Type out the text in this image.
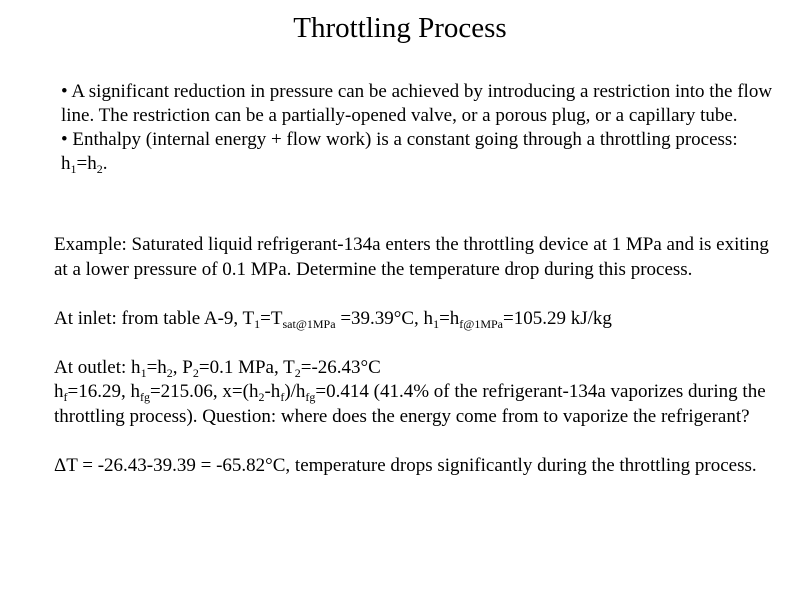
Throttling Process

• A significant reduction in pressure can be achieved by introducing a restriction into the flow line. The restriction can be a partially-opened valve, or a porous plug, or a capillary tube.

• Enthalpy (internal energy + flow work) is a constant going through a throttling process: $h_1=h_2$.

Example: Saturated liquid refrigerant-134a enters the throttling device at 1 MPa and is exiting at a lower pressure of 0.1 MPa. Determine the temperature drop during this process.

At inlet: from table A-9, $T_1=T_{sat@1MPa} =39.39^\circ C$, $h_1=h_{f@1MPa}=105.29$ kJ/kg

At outlet: $h_1=h_2$, $P_2=0.1$ MPa, $T_2=-26.43^\circ C$

$h_f=16.29$, $h_{fg}=215.06$, $x=(h_2-h_f)/h_{fg}=0.414$ (41.4% of the refrigerant-134a vaporizes during the throttling process). Question: where does the energy come from to vaporize the refrigerant?

ΔT = -26.43-39.39 = -65.82°C, temperature drops significantly during the throttling process.
